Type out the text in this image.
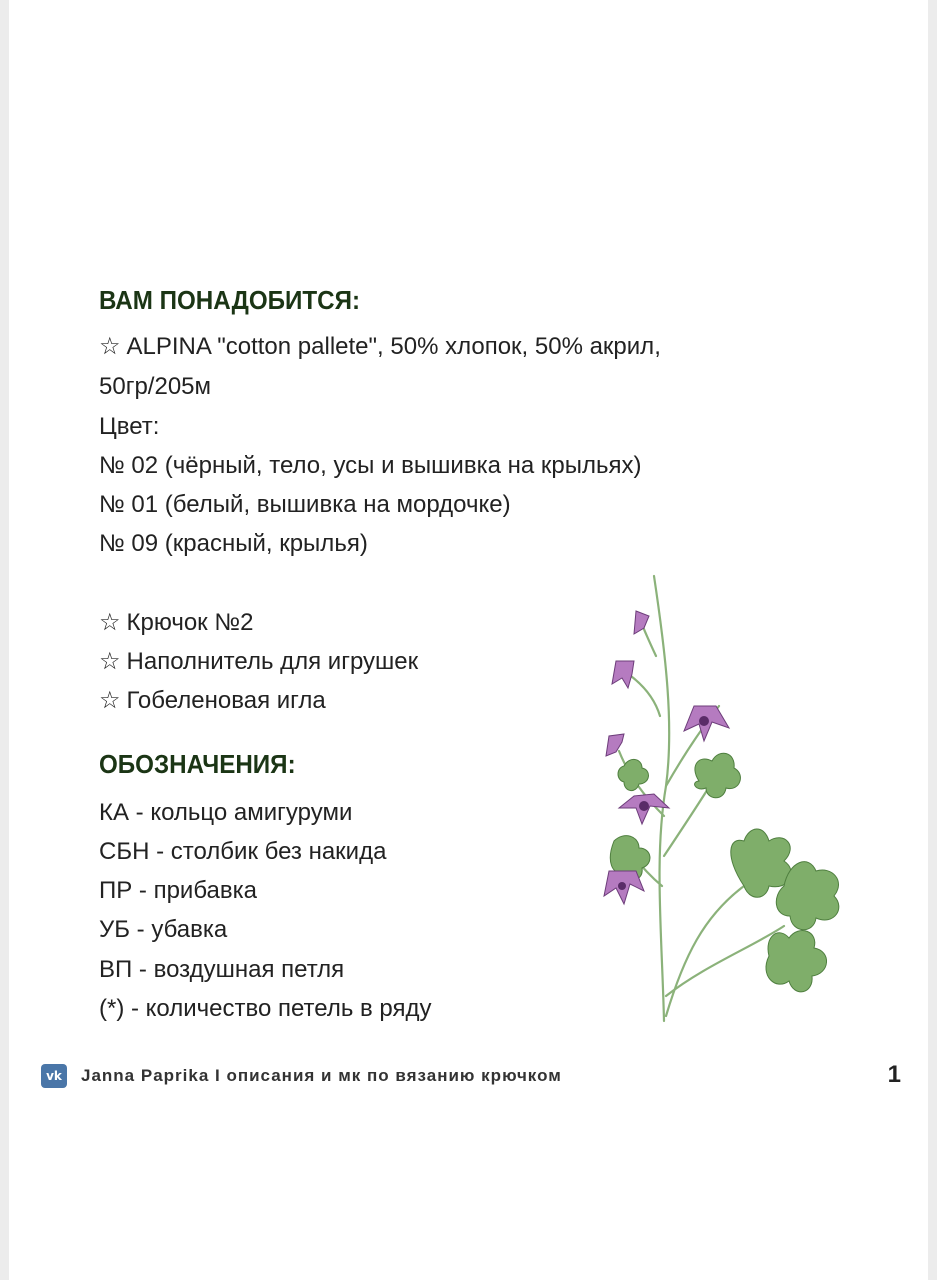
ВАМ ПОНАДОБИТСЯ:

☆ ALPINA "cotton pallete", 50% хлопок, 50% акрил,

50гр/205м

Цвет:

№ 02 (чёрный, тело, усы и вышивка на крыльях)

№ 01 (белый, вышивка на мордочке)

№ 09 (красный, крылья)

☆ Крючок №2

☆ Наполнитель для игрушек

☆ Гобеленовая игла

ОБОЗНАЧЕНИЯ:

КА - кольцо амигуруми

СБН - столбик без накида

ПР - прибавка

УБ - убавка

ВП - воздушная петля

(*) - количество петель в ряду

vk Janna Paprika I описания и мк по вязанию крючком	1
